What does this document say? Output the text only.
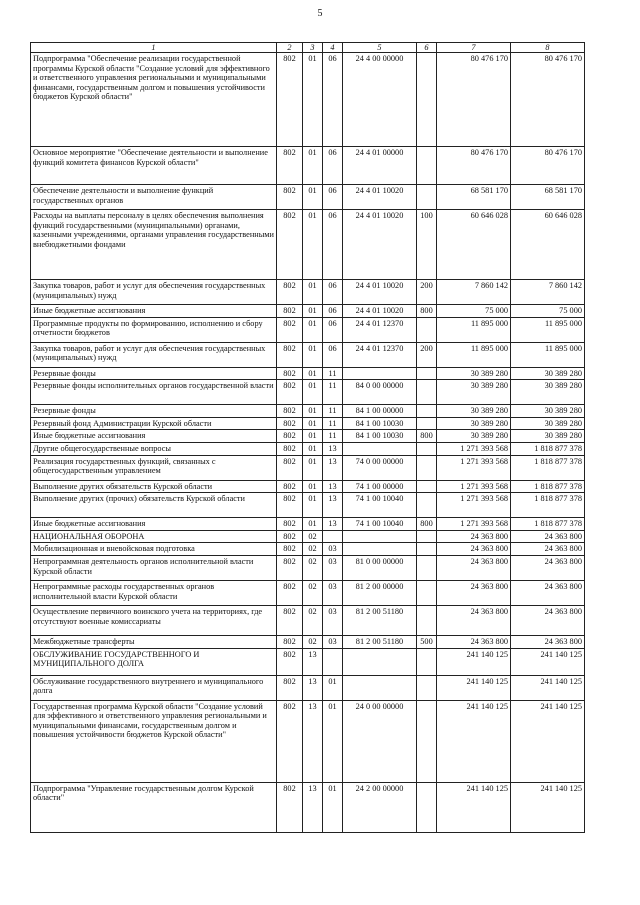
5
1	2	3	4	5	6	7	8
Подпрограмма "Обеспечение реализации государственной программы Курской области "Создание условий для эффективного и ответственного управления региональными и муниципальными финансами, государственным долгом и повышения устойчивости бюджетов Курской области"	802	01	06	24 4 00 00000		80 476 170	80 476 170
Основное мероприятие "Обеспечение деятельности и выполнение функций комитета финансов Курской области"	802	01	06	24 4 01 00000		80 476 170	80 476 170
Обеспечение деятельности и выполнение функций государственных органов	802	01	06	24 4 01 10020		68 581 170	68 581 170
Расходы на выплаты персоналу в целях обеспечения выполнения функций государственными (муниципальными) органами, казенными учреждениями, органами управления государственными внебюджетными фондами	802	01	06	24 4 01 10020	100	60 646 028	60 646 028
Закупка товаров, работ и услуг для обеспечения государственных (муниципальных) нужд	802	01	06	24 4 01 10020	200	7 860 142	7 860 142
Иные бюджетные ассигнования	802	01	06	24 4 01 10020	800	75 000	75 000
Программные продукты по формированию, исполнению и сбору отчетности бюджетов	802	01	06	24 4 01 12370		11 895 000	11 895 000
Закупка товаров, работ и услуг для обеспечения государственных (муниципальных) нужд	802	01	06	24 4 01 12370	200	11 895 000	11 895 000
Резервные фонды	802	01	11			30 389 280	30 389 280
Резервные фонды исполнительных органов государственной власти	802	01	11	84 0 00 00000		30 389 280	30 389 280
Резервные фонды	802	01	11	84 1 00 00000		30 389 280	30 389 280
Резервный фонд Администрации Курской области	802	01	11	84 1 00 10030		30 389 280	30 389 280
Иные бюджетные ассигнования	802	01	11	84 1 00 10030	800	30 389 280	30 389 280
Другие общегосударственные вопросы	802	01	13			1 271 393 568	1 818 877 378
Реализация государственных функций, связанных с общегосударственным управлением	802	01	13	74 0 00 00000		1 271 393 568	1 818 877 378
Выполнение других обязательств Курской области	802	01	13	74 1 00 00000		1 271 393 568	1 818 877 378
Выполнение других (прочих) обязательств Курской области	802	01	13	74 1 00 10040		1 271 393 568	1 818 877 378
Иные бюджетные ассигнования	802	01	13	74 1 00 10040	800	1 271 393 568	1 818 877 378
НАЦИОНАЛЬНАЯ ОБОРОНА	802	02				24 363 800	24 363 800
Мобилизационная и вневойсковая подготовка	802	02	03			24 363 800	24 363 800
Непрограммная деятельность органов исполнительной власти Курской области	802	02	03	81 0 00 00000		24 363 800	24 363 800
Непрограммные расходы государственных органов исполнительной власти Курской области	802	02	03	81 2 00 00000		24 363 800	24 363 800
Осуществление первичного воинского учета на территориях, где отсутствуют военные комиссариаты	802	02	03	81 2 00 51180		24 363 800	24 363 800
Межбюджетные трансферты	802	02	03	81 2 00 51180	500	24 363 800	24 363 800
ОБСЛУЖИВАНИЕ ГОСУДАРСТВЕННОГО И МУНИЦИПАЛЬНОГО ДОЛГА	802	13				241 140 125	241 140 125
Обслуживание государственного внутреннего и муниципального долга	802	13	01			241 140 125	241 140 125
Государственная программа Курской области "Создание условий для эффективного и ответственного управления региональными и муниципальными финансами, государственным долгом и повышения устойчивости бюджетов Курской области"	802	13	01	24 0 00 00000		241 140 125	241 140 125
Подпрограмма "Управление государственным долгом Курской области"	802	13	01	24 2 00 00000		241 140 125	241 140 125
